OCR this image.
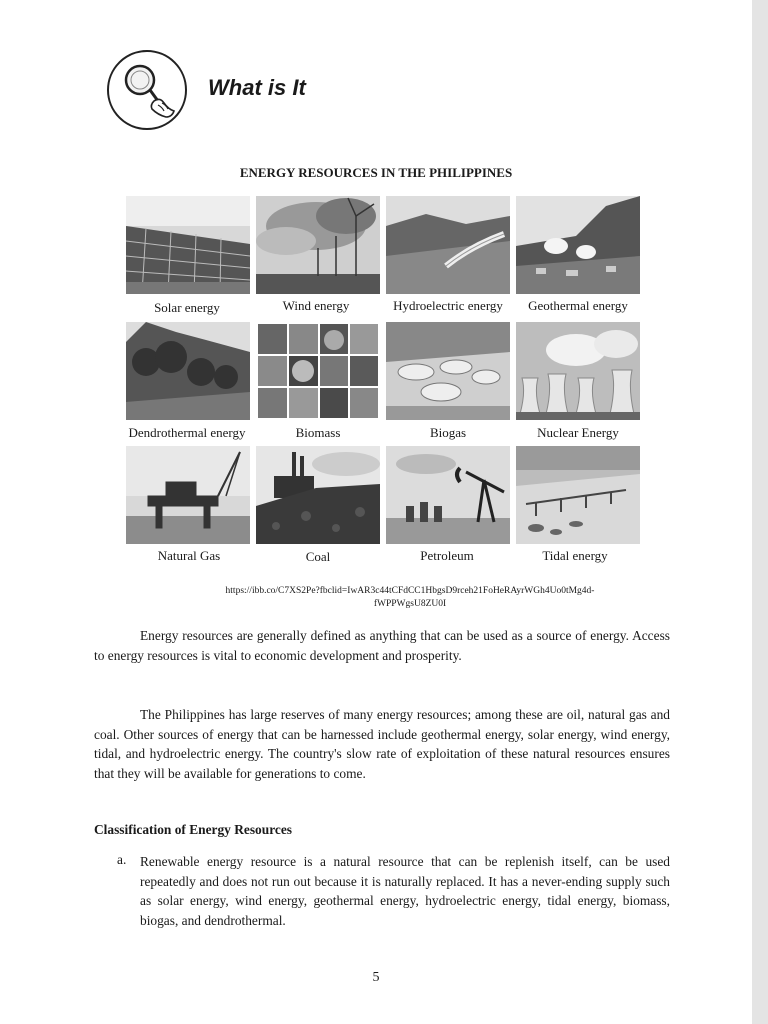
What is It
ENERGY RESOURCES IN THE PHILIPPINES
Solar energy	Wind energy	Hydroelectric energy	Geothermal energy
Dendrothermal energy	Biomass	Biogas	Nuclear Energy
Natural Gas	Coal	Petroleum	Tidal energy
https://ibb.co/C7XS2Pe?fbclid=IwAR3c44tCFdCC1HbgsD9rceh21FoHeRAyrWGh4Uo0tMg4d-
fWPPWgsU8ZU0I

Energy resources are generally defined as anything that can be used as a source of energy. Access to energy resources is vital to economic development and prosperity.

The Philippines has large reserves of many energy resources; among these are oil, natural gas and coal. Other sources of energy that can be harnessed include geothermal energy, solar energy, wind energy, tidal, and hydroelectric energy. The country's slow rate of exploitation of these natural resources ensures that they will be available for generations to come.

Classification of Energy Resources
a. Renewable energy resource is a natural resource that can be replenish itself, can be used repeatedly and does not run out because it is naturally replaced. It has a never-ending supply such as solar energy, wind energy, geothermal energy, hydroelectric energy, tidal energy, biomass, biogas, and dendrothermal.

5
